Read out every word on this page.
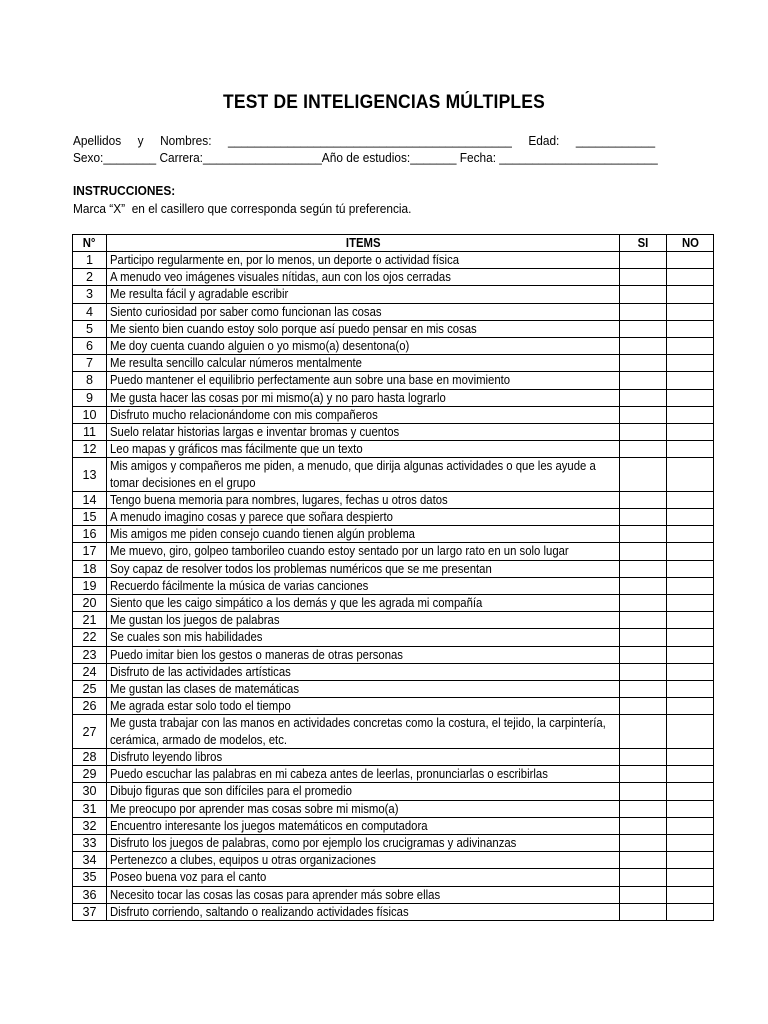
TEST DE INTELIGENCIAS MÚLTIPLES
Apellidos     y     Nombres:     ___________________________________________     Edad:     ____________
Sexo:________ Carrera:__________________Año de estudios:_______ Fecha: ________________________
INSTRUCCIONES:
Marca “X”  en el casillero que corresponda según tú preferencia.
N°	ITEMS	SI	NO
1	Participo regularmente en, por lo menos, un deporte o actividad física		

2	A menudo veo imágenes visuales nítidas, aun con los ojos cerradas		

3	Me resulta fácil y agradable escribir		

4	Siento curiosidad por saber como funcionan las cosas		

5	Me siento bien cuando estoy solo porque así puedo pensar en mis cosas		

6	Me doy cuenta cuando alguien o yo mismo(a) desentona(o)		

7	Me resulta sencillo calcular números mentalmente		

8	Puedo mantener el equilibrio perfectamente aun sobre una base en movimiento		

9	Me gusta hacer las cosas por mi mismo(a) y no paro hasta lograrlo		

10	Disfruto mucho relacionándome con mis compañeros		

11	Suelo relatar historias largas e inventar bromas y cuentos		

12	Leo mapas y gráficos mas fácilmente que un texto		

13	Mis amigos y compañeros me piden, a menudo, que dirija algunas actividades o que les ayude a tomar decisiones en el grupo		

14	Tengo buena memoria para nombres, lugares, fechas u otros datos		

15	A menudo imagino cosas y parece que soñara despierto		

16	Mis amigos me piden consejo cuando tienen algún problema		

17	Me muevo, giro, golpeo tamborileo cuando estoy sentado por un largo rato en un solo lugar		

18	Soy capaz de resolver todos los problemas numéricos que se me presentan		

19	Recuerdo fácilmente la música de varias canciones		

20	Siento que les caigo simpático a los demás y que les agrada mi compañía		

21	Me gustan los juegos de palabras		

22	Se cuales son mis habilidades		

23	Puedo imitar bien los gestos o maneras de otras personas		

24	Disfruto de las actividades artísticas		

25	Me gustan las clases de matemáticas		

26	Me agrada estar solo todo el tiempo		

27	Me gusta trabajar con las manos en actividades concretas como la costura, el tejido, la carpintería, cerámica, armado de modelos, etc.		

28	Disfruto leyendo libros		

29	Puedo escuchar las palabras en mi cabeza antes de leerlas, pronunciarlas o escribirlas		

30	Dibujo figuras que son difíciles para el promedio		

31	Me preocupo por aprender mas cosas sobre mi mismo(a)		

32	Encuentro interesante los juegos matemáticos en computadora		

33	Disfruto los juegos de palabras, como por ejemplo los crucigramas y adivinanzas		

34	Pertenezco a clubes, equipos u otras organizaciones		

35	Poseo buena voz para el canto		

36	Necesito tocar las cosas las cosas para aprender más sobre ellas		

37	Disfruto corriendo, saltando o realizando actividades físicas		
